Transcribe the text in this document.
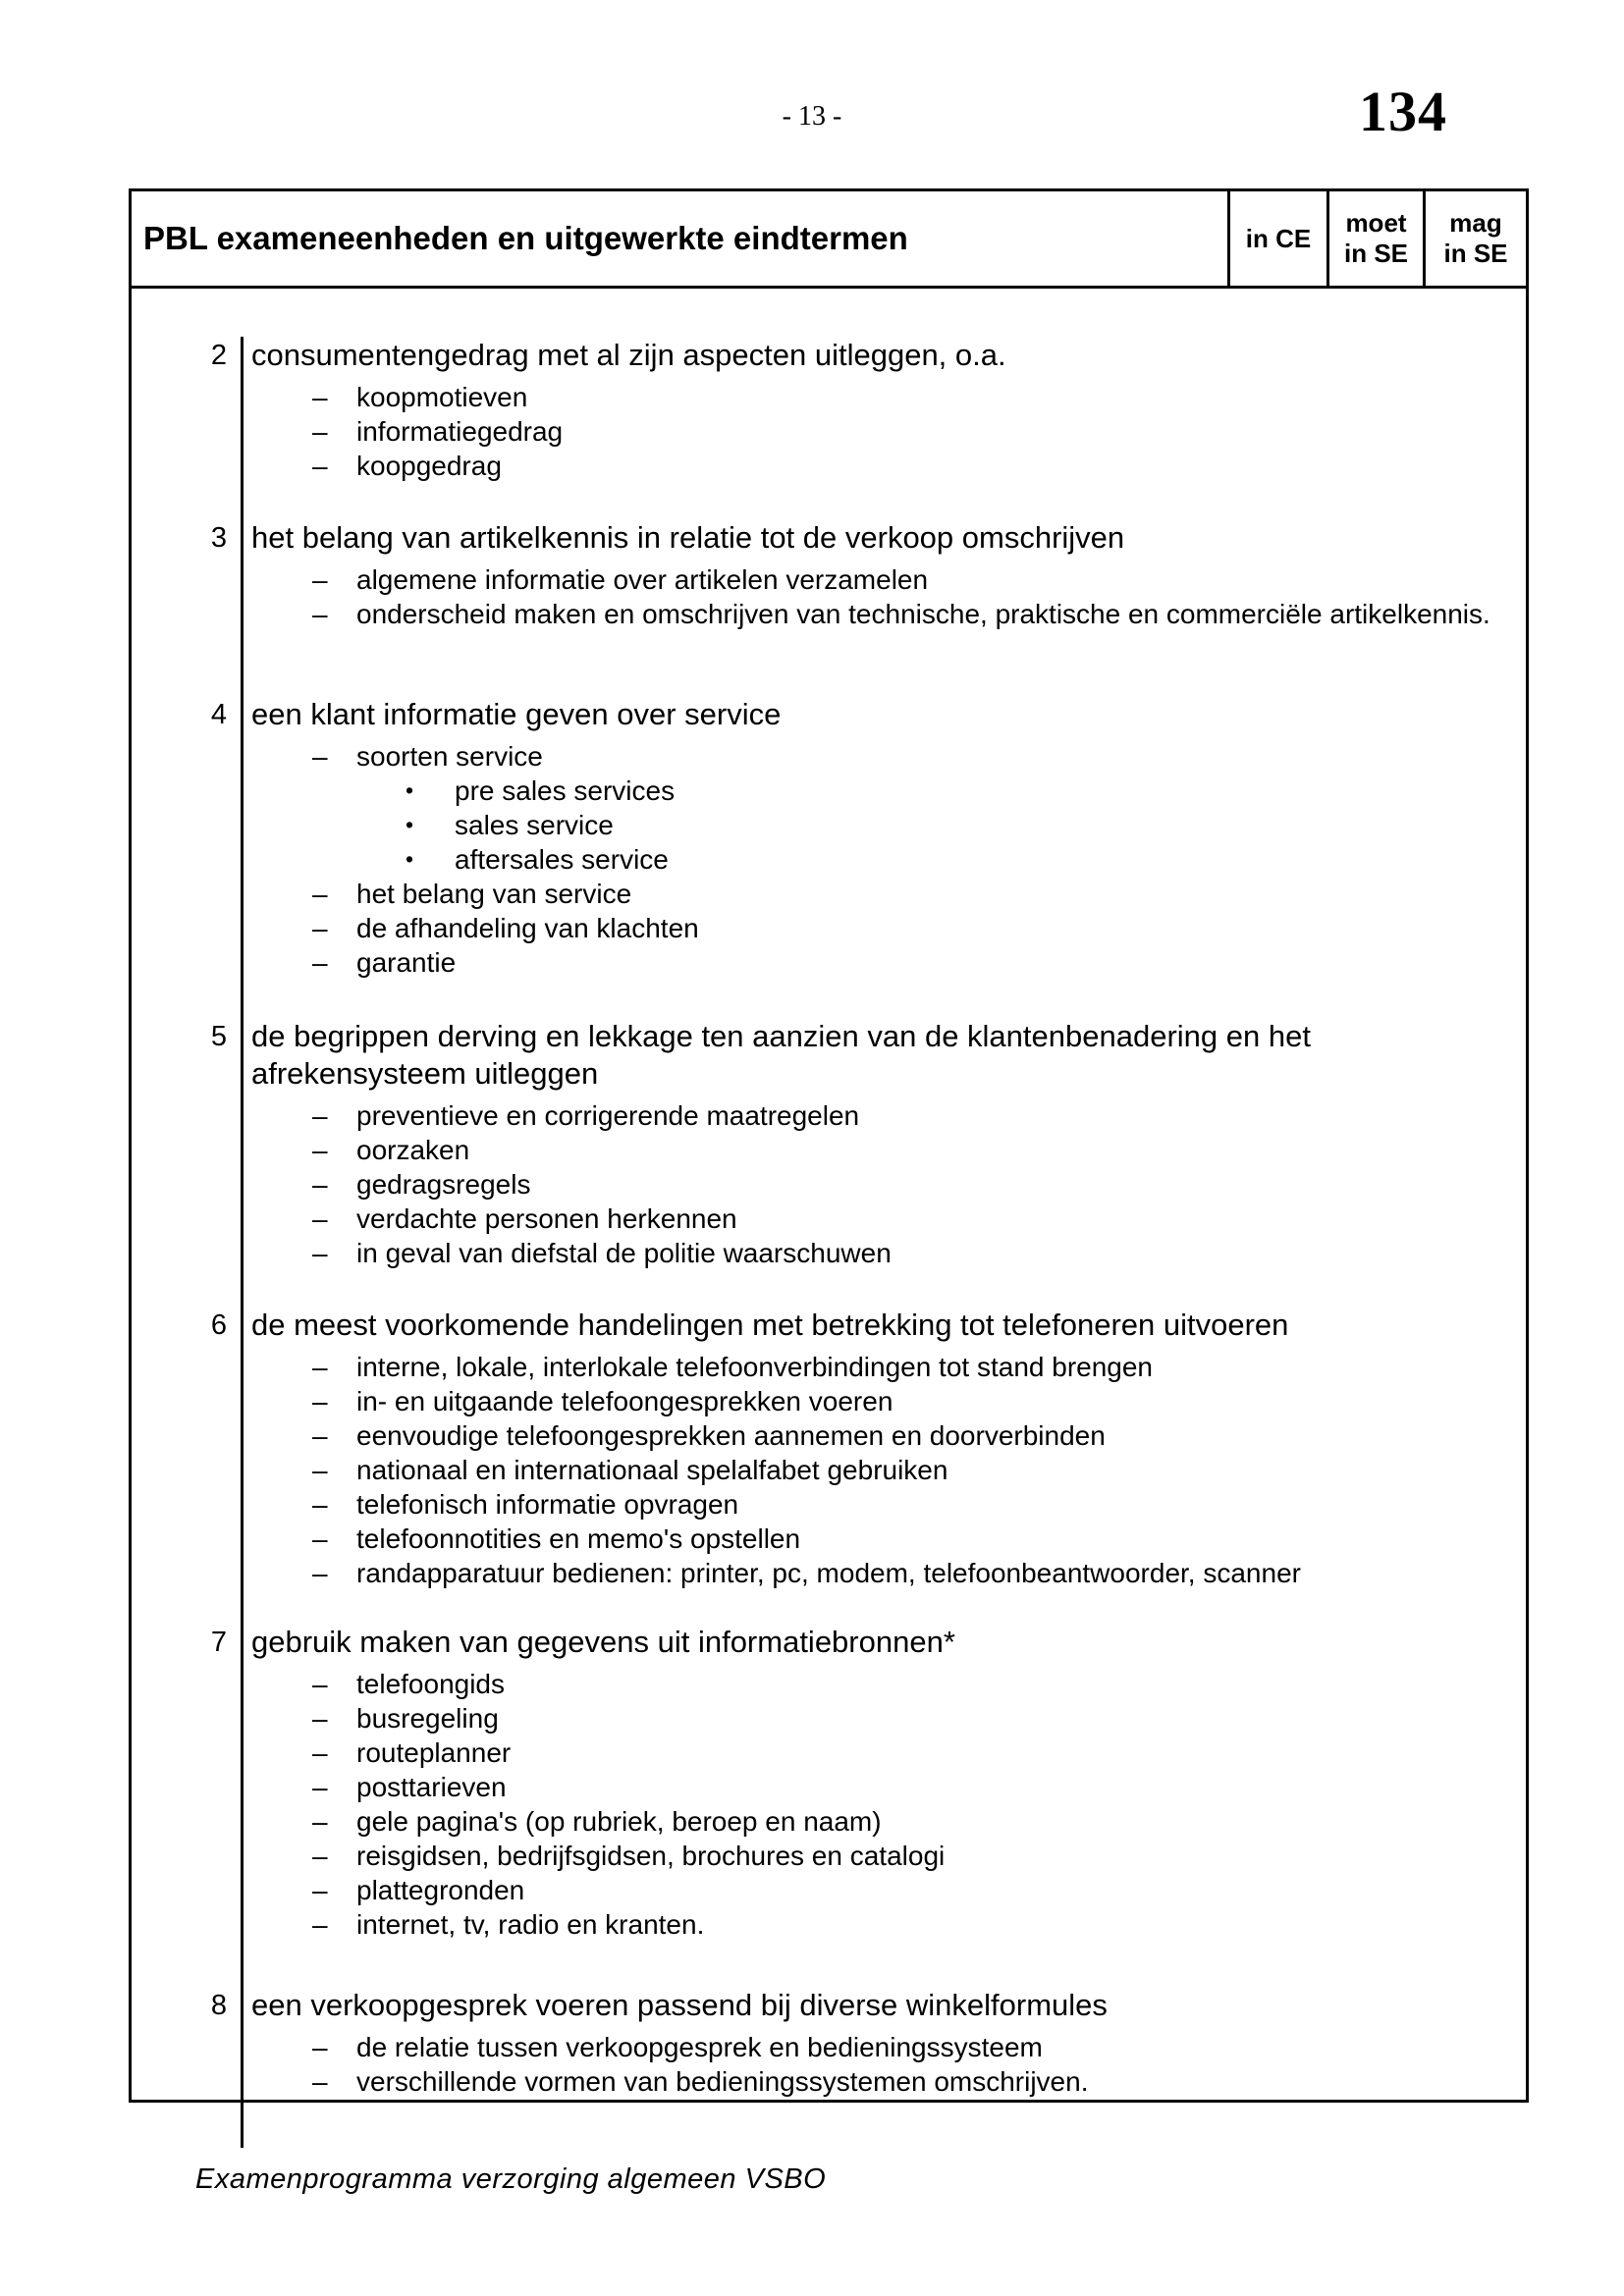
- 13 -	134
PBL exameneenheden en uitgewerkte eindtermen	in CE
moet
in SE
mag
in SE
2 consumentengedrag met al zijn aspecten uitleggen, o.a.
– koopmotieven
– informatiegedrag
– koopgedrag
3 het belang van artikelkennis in relatie tot de verkoop omschrijven
– algemene informatie over artikelen verzamelen
– onderscheid maken en omschrijven van technische, praktische en commerciële artikelkennis.
4 een klant informatie geven over service
– soorten service
• pre sales services
• sales service
• aftersales service
– het belang van service
– de afhandeling van klachten
– garantie
5 de begrippen derving en lekkage ten aanzien van de klantenbenadering en het afrekensysteem uitleggen
– preventieve en corrigerende maatregelen
– oorzaken
– gedragsregels
– verdachte personen herkennen
– in geval van diefstal de politie waarschuwen
6 de meest voorkomende handelingen met betrekking tot telefoneren uitvoeren
– interne, lokale, interlokale telefoonverbindingen tot stand brengen
– in- en uitgaande telefoongesprekken voeren
– eenvoudige telefoongesprekken aannemen en doorverbinden
– nationaal en internationaal spelalfabet gebruiken
– telefonisch informatie opvragen
– telefoonnotities en memo's opstellen
– randapparatuur bedienen: printer, pc, modem, telefoonbeantwoorder, scanner
7 gebruik maken van gegevens uit informatiebronnen*
– telefoongids
– busregeling
– routeplanner
– posttarieven
– gele pagina's (op rubriek, beroep en naam)
– reisgidsen, bedrijfsgidsen, brochures en catalogi
– plattegronden
– internet, tv, radio en kranten.
8 een verkoopgesprek voeren passend bij diverse winkelformules
– de relatie tussen verkoopgesprek en bedieningssysteem
– verschillende vormen van bedieningssystemen omschrijven.
Examenprogramma verzorging algemeen VSBO
